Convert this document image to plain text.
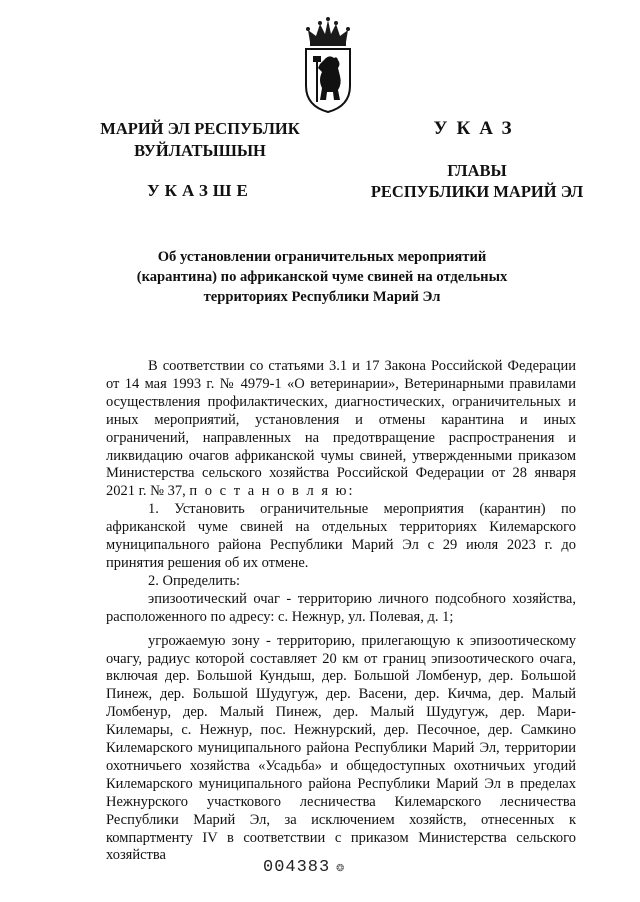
МАРИЙ ЭЛ РЕСПУБЛИК
ВУЙЛАТЫШЫН
УКАЗШЕ
УКАЗ
ГЛАВЫ
РЕСПУБЛИКИ МАРИЙ ЭЛ
Об установлении ограничительных мероприятий
(карантина) по африканской чуме свиней на отдельных
территориях Республики Марий Эл

В соответствии со статьями 3.1 и 17 Закона Российской Федерации от 14 мая 1993 г. № 4979-1 «О ветеринарии», Ветеринарными правилами осуществления профилактических, диагностических, ограничительных и иных мероприятий, установления и отмены карантина и иных ограничений, направленных на предотвращение распространения и ликвидацию очагов африканской чумы свиней, утвержденными приказом Министерства сельского хозяйства Российской Федерации от 28 января 2021 г. № 37, п о с т а н о в л я ю:

1. Установить ограничительные мероприятия (карантин) по африканской чуме свиней на отдельных территориях Килемарского муниципального района Республики Марий Эл с 29 июля 2023 г. до принятия решения об их отмене.

2. Определить:

эпизоотический очаг - территорию личного подсобного хозяйства, расположенного по адресу: с. Нежнур, ул. Полевая, д. 1;

угрожаемую зону - территорию, прилегающую к эпизоотическому очагу, радиус которой составляет 20 км от границ эпизоотического очага, включая дер. Большой Кундыш, дер. Большой Ломбенур, дер. Большой Пинеж, дер. Большой Шудугуж, дер. Васени, дер. Кичма, дер. Малый Ломбенур, дер. Малый Пинеж, дер. Малый Шудугуж, дер. Мари-Килемары, с. Нежнур, пос. Нежнурский, дер. Песочное, дер. Самкино Килемарского муниципального района Республики Марий Эл, территории охотничьего хозяйства «Усадьба» и общедоступных охотничьих угодий Килемарского муниципального района Республики Марий Эл в пределах Нежнурского участкового лесничества Килемарского лесничества Республики Марий Эл, за исключением хозяйств, отнесенных к компартменту IV в соответствии с приказом Министерства сельского хозяйства

004383 ❂
